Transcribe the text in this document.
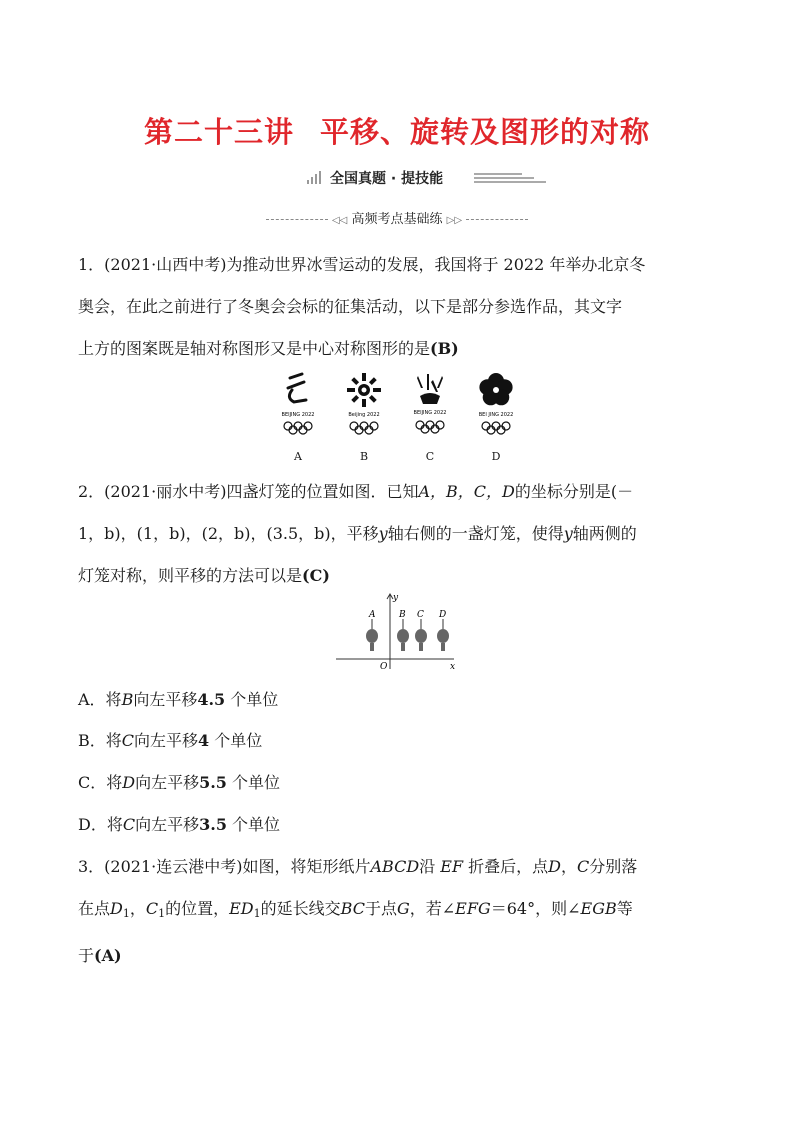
第二十三讲 平移、旋转及图形的对称
全国真题 · 提技能
◁◁ 高频考点基础练 ▷▷
1．(2021·山西中考)为推动世界冰雪运动的发展，我国将于 2022 年举办北京冬
奥会，在此之前进行了冬奥会会标的征集活动，以下是部分参选作品，其文字
上方的图案既是轴对称图形又是中心对称图形的是(B)
BEIJING 2022	Beijing 2022	BEIJING 2022	BEI JING 2022
A	B	C	D
2．(2021·丽水中考)四盏灯笼的位置如图．已知A，B，C，D的坐标分别是(－
1，b)，(1，b)，(2，b)，(3.5，b)，平移y轴右侧的一盏灯笼，使得y轴两侧的
灯笼对称，则平移的方法可以是(C)
y
x
O
A	B C D
A．将B向左平移4.5 个单位
B．将C向左平移4 个单位
C．将D向左平移5.5 个单位
D．将C向左平移3.5 个单位
3．(2021·连云港中考)如图，将矩形纸片ABCD沿 EF 折叠后，点D，C分别落
在点$D_1$，$C_1$的位置，$ED_1$的延长线交BC于点G，若∠EFG＝64°，则∠EGB等
于(A)
